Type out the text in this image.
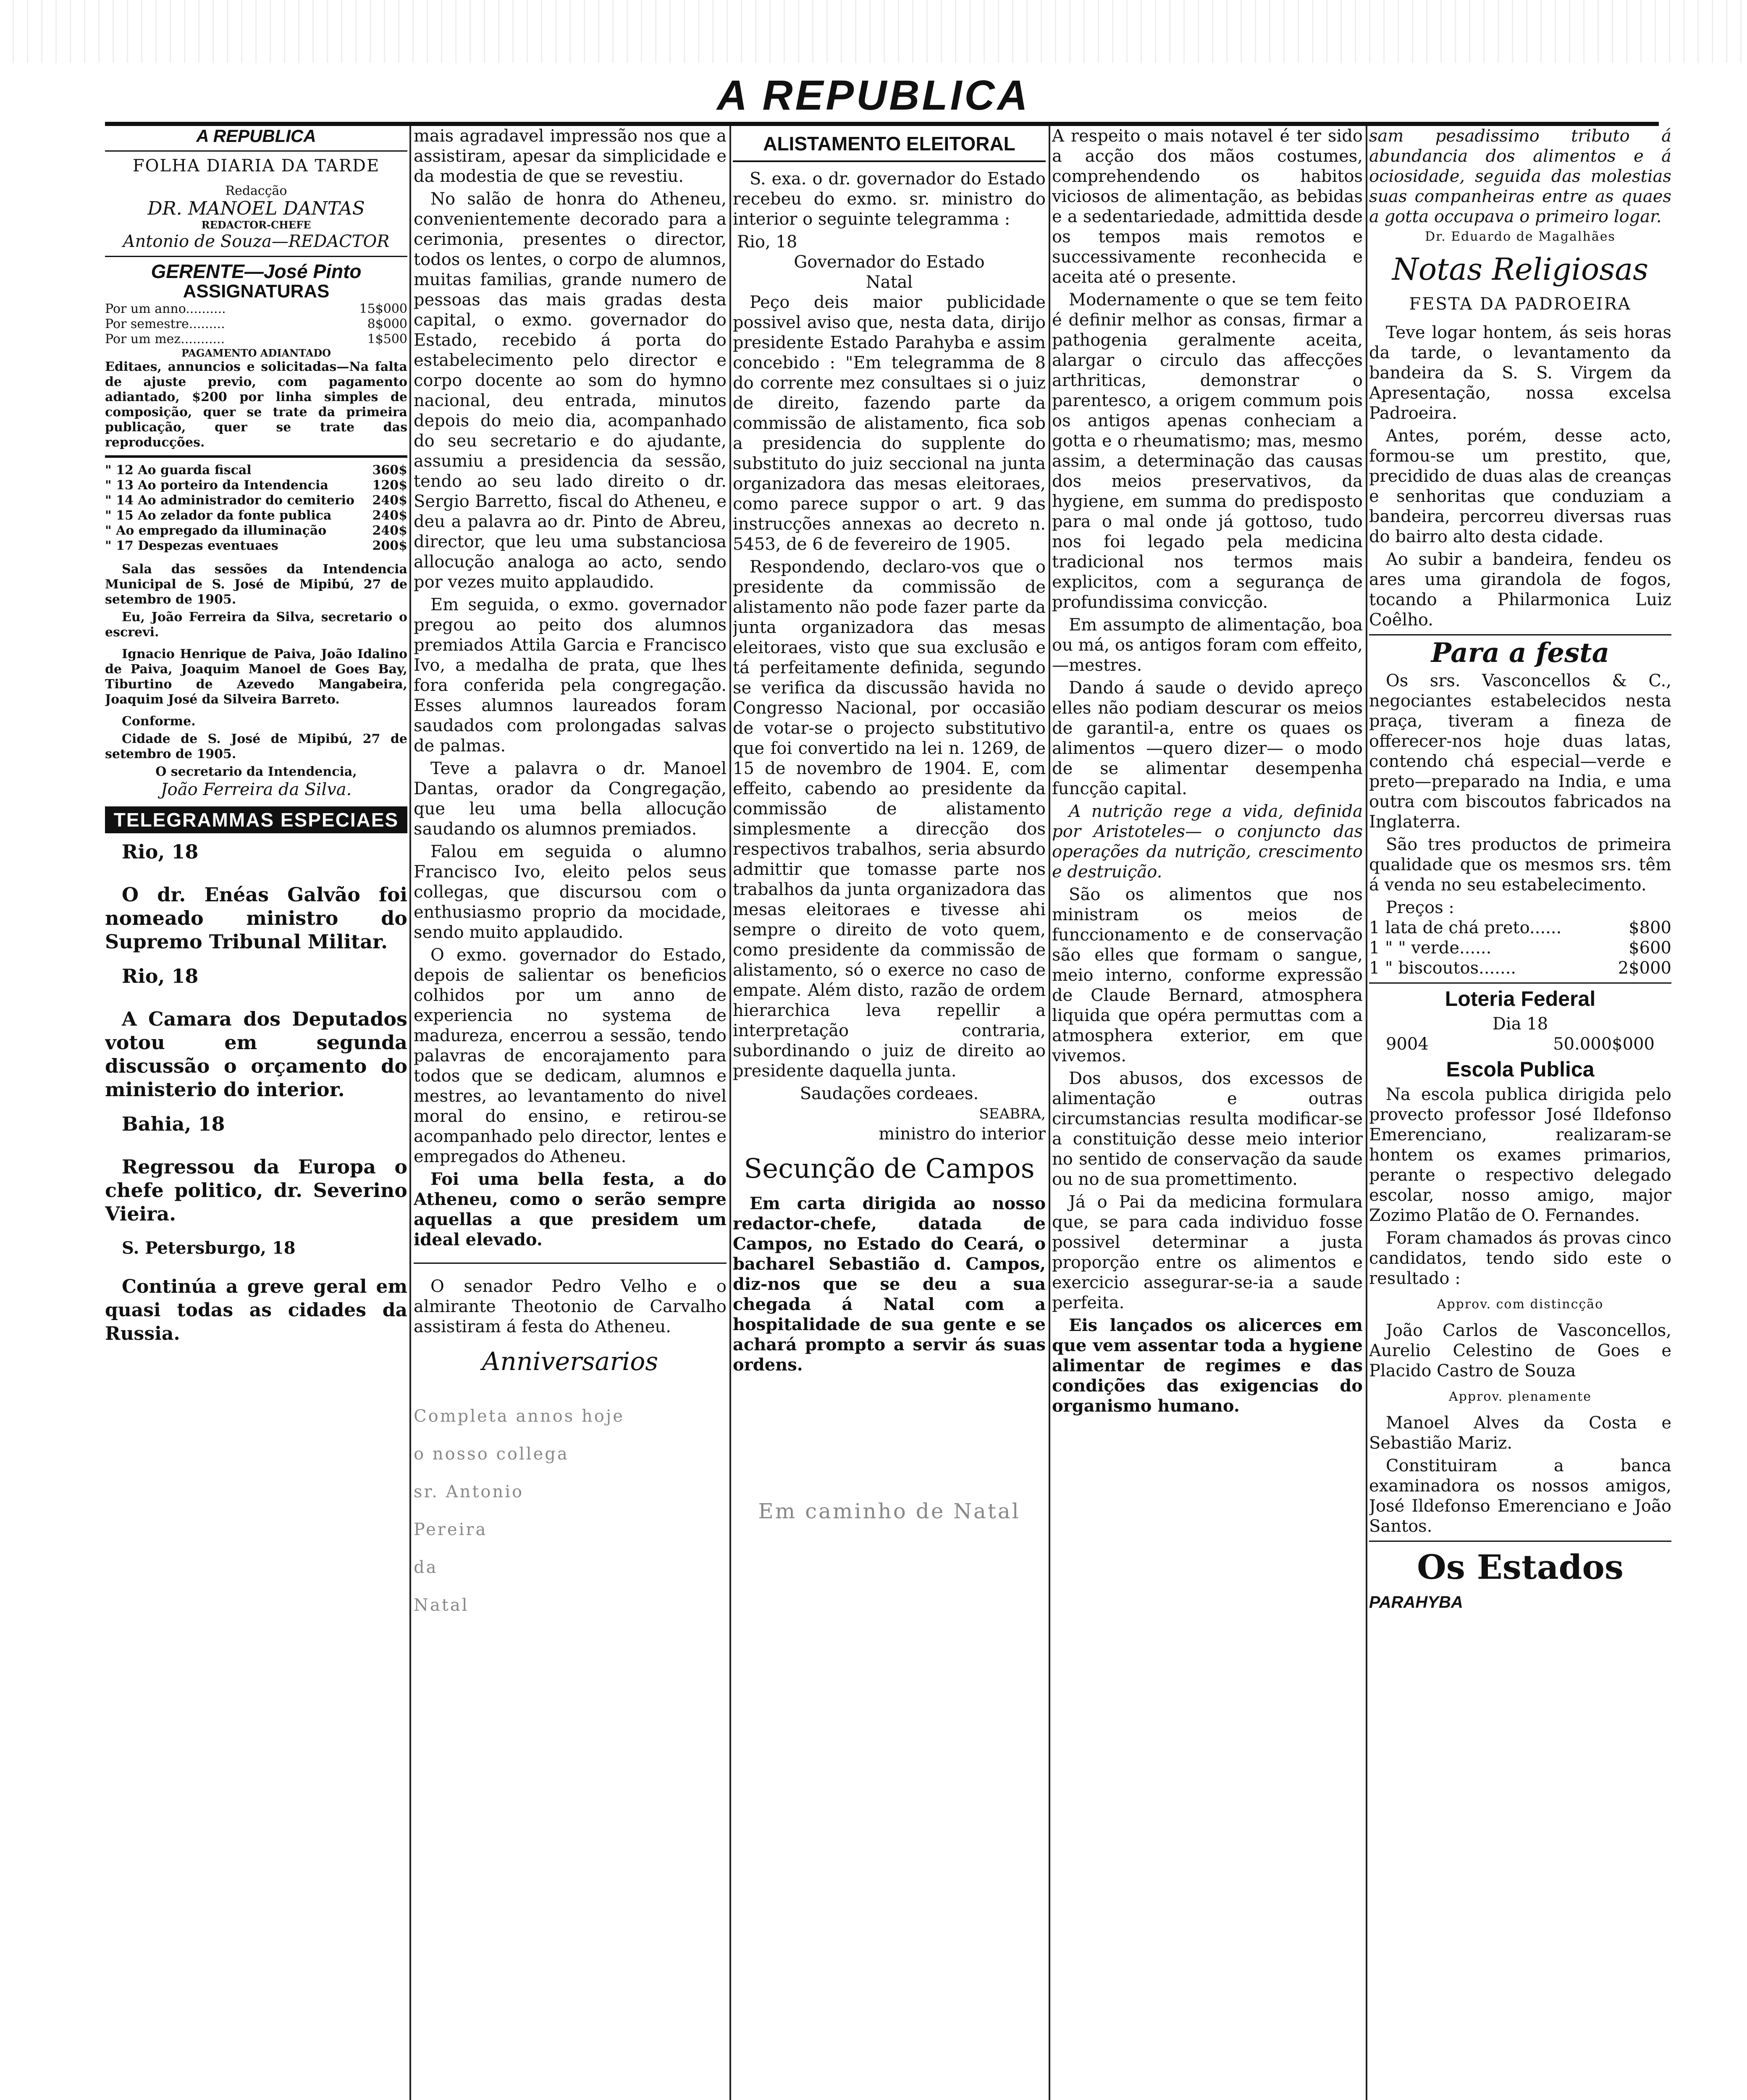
A REPUBLICA
A REPUBLICA
FOLHA DIARIA DA TARDE
Redacção
DR. MANOEL DANTAS
REDACTOR-CHEFE
Antonio de Souza—REDACTOR
GERENTE—José Pinto
ASSIGNATURAS
Por um anno..........	15$000
Por semestre.........	8$000
Por um mez...........	1$500
PAGAMENTO ADIANTADO

Editaes, annuncios e solicitadas—Na falta de ajuste previo, com pagamento adiantado, $200 por linha simples de composição, quer se trate da primeira publicação, quer se trate das reproducções.

" 12 Ao guarda fiscal	360$
" 13 Ao porteiro da Intendencia	120$
" 14 Ao administrador do cemiterio 240$
" 15 Ao zelador da fonte publica	240$
" Ao empregado da illuminação	240$
" 17 Despezas eventuaes	200$

Sala das sessões da Intendencia Municipal de S. José de Mipibú, 27 de setembro de 1905.

Eu, João Ferreira da Silva, secretario o escrevi.

Ignacio Henrique de Paiva, João Idalino de Paiva, Joaquim Manoel de Goes Bay, Tiburtino de Azevedo Mangabeira, Joaquim José da Silveira Barreto.

Conforme.

Cidade de S. José de Mipibú, 27 de setembro de 1905.

O secretario da Intendencia,
João Ferreira da Silva.
TELEGRAMMAS ESPECIAES
Rio, 18

O dr. Enéas Galvão foi nomeado ministro do Supremo Tribunal Militar.

Rio, 18

A Camara dos Deputados votou em segunda discussão o orçamento do ministerio do interior.

Bahia, 18

Regressou da Europa o chefe politico, dr. Severino Vieira.

S. Petersburgo, 18

Continúa a greve geral em quasi todas as cidades da Russia.

mais agradavel impressão nos que a assistiram, apesar da simplicidade e da modestia de que se revestiu.

No salão de honra do Atheneu, convenientemente decorado para a cerimonia, presentes o director, todos os lentes, o corpo de alumnos, muitas familias, grande numero de pessoas das mais gradas desta capital, o exmo. governador do Estado, recebido á porta do estabelecimento pelo director e corpo docente ao som do hymno nacional, deu entrada, minutos depois do meio dia, acompanhado do seu secretario e do ajudante, assumiu a presidencia da sessão, tendo ao seu lado direito o dr. Sergio Barretto, fiscal do Atheneu, e deu a palavra ao dr. Pinto de Abreu, director, que leu uma substanciosa allocução analoga ao acto, sendo por vezes muito applaudido.

Em seguida, o exmo. governador pregou ao peito dos alumnos premiados Attila Garcia e Francisco Ivo, a medalha de prata, que lhes fora conferida pela congregação. Esses alumnos laureados foram saudados com prolongadas salvas de palmas.

Teve a palavra o dr. Manoel Dantas, orador da Congregação, que leu uma bella allocução saudando os alumnos premiados.

Falou em seguida o alumno Francisco Ivo, eleito pelos seus collegas, que discursou com o enthusiasmo proprio da mocidade, sendo muito applaudido.

O exmo. governador do Estado, depois de salientar os beneficios colhidos por um anno de experiencia no systema de madureza, encerrou a sessão, tendo palavras de encorajamento para todos que se dedicam, alumnos e mestres, ao levantamento do nivel moral do ensino, e retirou-se acompanhado pelo director, lentes e empregados do Atheneu.

Foi uma bella festa, a do Atheneu, como o serão sempre aquellas a que presidem um ideal elevado.

O senador Pedro Velho e o almirante Theotonio de Carvalho assistiram á festa do Atheneu.

Anniversarios
Completa annos hoje
o nosso collega
sr. Antonio
Pereira
da
Natal
ALISTAMENTO ELEITORAL

S. exa. o dr. governador do Estado recebeu do exmo. sr. ministro do interior o seguinte telegramma :

Rio, 18
Governador do Estado
Natal

Peço deis maior publicidade possivel aviso que, nesta data, dirijo presidente Estado Parahyba e assim concebido : "Em telegramma de 8 do corrente mez consultaes si o juiz de direito, fazendo parte da commissão de alistamento, fica sob a presidencia do supplente do substituto do juiz seccional na junta organizadora das mesas eleitoraes, como parece suppor o art. 9 das instrucções annexas ao decreto n. 5453, de 6 de fevereiro de 1905.

Respondendo, declaro-vos que o presidente da commissão de alistamento não pode fazer parte da junta organizadora das mesas eleitoraes, visto que sua exclusão e tá perfeitamente definida, segundo se verifica da discussão havida no Congresso Nacional, por occasião de votar-se o projecto substitutivo que foi convertido na lei n. 1269, de 15 de novembro de 1904. E, com effeito, cabendo ao presidente da commissão de alistamento simplesmente a direcção dos respectivos trabalhos, seria absurdo admittir que tomasse parte nos trabalhos da junta organizadora das mesas eleitoraes e tivesse ahi sempre o direito de voto quem, como presidente da commissão de alistamento, só o exerce no caso de empate. Além disto, razão de ordem hierarchica leva repellir a interpretação contraria, subordinando o juiz de direito ao presidente daquella junta.

Saudações cordeaes.
SEABRA,
ministro do interior
Secunção de Campos

Em carta dirigida ao nosso redactor-chefe, datada de Campos, no Estado do Ceará, o bacharel Sebastião d. Campos, diz-nos que se deu a sua chegada á Natal com a hospitalidade de sua gente e se achará prompto a servir ás suas ordens.

Em caminho de Natal

A respeito o mais notavel é ter sido a acção dos mãos costumes, comprehendendo os habitos viciosos de alimentação, as bebidas e a sedentariedade, admittida desde os tempos mais remotos e successivamente reconhecida e aceita até o presente.

Modernamente o que se tem feito é definir melhor as consas, firmar a pathogenia geralmente aceita, alargar o circulo das affecções arthriticas, demonstrar o parentesco, a origem commum pois os antigos apenas conheciam a gotta e o rheumatismo; mas, mesmo assim, a determinação das causas dos meios preservativos, da hygiene, em summa do predisposto para o mal onde já gottoso, tudo nos foi legado pela medicina tradicional nos termos mais explicitos, com a segurança de profundissima convicção.

Em assumpto de alimentação, boa ou má, os antigos foram com effeito,—mestres.

Dando á saude o devido apreço elles não podiam descurar os meios de garantil-a, entre os quaes os alimentos —quero dizer— o modo de se alimentar desempenha funcção capital.

A nutrição rege a vida, definida por Aristoteles— o conjuncto das operações da nutrição, crescimento e destruição.

São os alimentos que nos ministram os meios de funccionamento e de conservação são elles que formam o sangue, meio interno, conforme expressão de Claude Bernard, atmosphera liquida que opéra permuttas com a atmosphera exterior, em que vivemos.

Dos abusos, dos excessos de alimentação e outras circumstancias resulta modificar-se a constituição desse meio interior no sentido de conservação da saude ou no de sua promettimento.

Já o Pai da medicina formulara que, se para cada individuo fosse possivel determinar a justa proporção entre os alimentos e exercicio assegurar-se-ia a saude perfeita.

Eis lançados os alicerces em que vem assentar toda a hygiene alimentar de regimes e das condições das exigencias do organismo humano.

sam pesadissimo tributo á abundancia dos alimentos e á ociosidade, seguida das molestias suas companheiras entre as quaes a gotta occupava o primeiro logar.

Dr. Eduardo de Magalhães
Notas Religiosas
FESTA DA PADROEIRA

Teve logar hontem, ás seis horas da tarde, o levantamento da bandeira da S. S. Virgem da Apresentação, nossa excelsa Padroeira.

Antes, porém, desse acto, formou-se um prestito, que, precidido de duas alas de creanças e senhoritas que conduziam a bandeira, percorreu diversas ruas do bairro alto desta cidade.

Ao subir a bandeira, fendeu os ares uma girandola de fogos, tocando a Philarmonica Luiz Coêlho.

Para a festa

Os srs. Vasconcellos & C., negociantes estabelecidos nesta praça, tiveram a fineza de offerecer-nos hoje duas latas, contendo chá especial—verde e preto—preparado na India, e uma outra com biscoutos fabricados na Inglaterra.

São tres productos de primeira qualidade que os mesmos srs. têm á venda no seu estabelecimento.

Preços :
1 lata de chá preto......	$800
1 " " verde......	$600
1 " biscoutos.......	2$000
Loteria Federal
Dia 18
9004	50.000$000
Escola Publica

Na escola publica dirigida pelo provecto professor José Ildefonso Emerenciano, realizaram-se hontem os exames primarios, perante o respectivo delegado escolar, nosso amigo, major Zozimo Platão de O. Fernandes.

Foram chamados ás provas cinco candidatos, tendo sido este o resultado :

Approv. com distincção

João Carlos de Vasconcellos, Aurelio Celestino de Goes e Placido Castro de Souza

Approv. plenamente

Manoel Alves da Costa e Sebastião Mariz.

Constituiram a banca examinadora os nossos amigos, José Ildefonso Emerenciano e João Santos.

Os Estados
PARAHYBA
